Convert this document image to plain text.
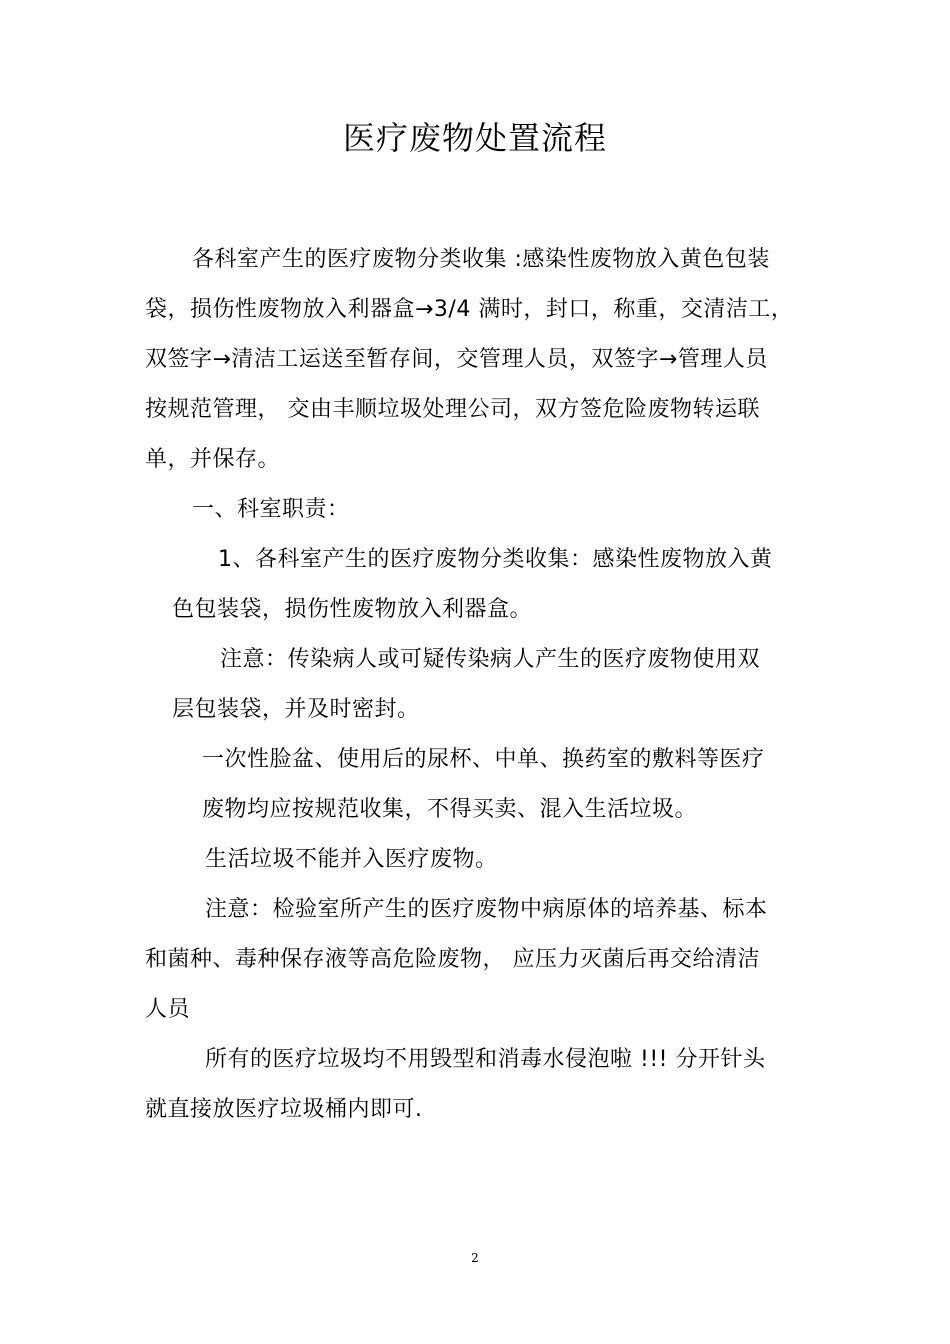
医疗废物处置流程
各科室产生的医疗废物分类收集 :感染性废物放入黄色包装
袋，损伤性废物放入利器盒→3/4 满时，封口，称重，交清洁工，
双签字→清洁工运送至暂存间，交管理人员，双签字→管理人员
按规范管理， 交由丰顺垃圾处理公司，双方签危险废物转运联
单，并保存。
一、科室职责：
1、各科室产生的医疗废物分类收集：感染性废物放入黄
色包装袋，损伤性废物放入利器盒。
注意：传染病人或可疑传染病人产生的医疗废物使用双
层包装袋，并及时密封。
一次性脸盆、使用后的尿杯、中单、换药室的敷料等医疗
废物均应按规范收集，不得买卖、混入生活垃圾。
生活垃圾不能并入医疗废物。
注意：检验室所产生的医疗废物中病原体的培养基、标本
和菌种、毒种保存液等高危险废物， 应压力灭菌后再交给清洁
人员
所有的医疗垃圾均不用毁型和消毒水侵泡啦 !!! 分开针头
就直接放医疗垃圾桶内即可.
2
